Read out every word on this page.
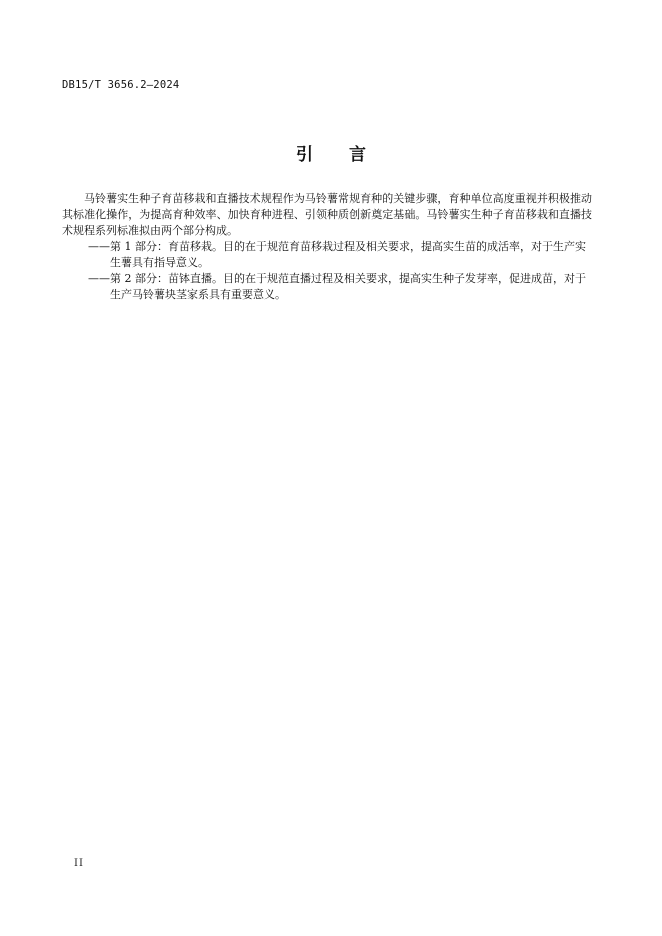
DB15/T 3656.2—2024
引 言

马铃薯实生种子育苗移栽和直播技术规程作为马铃薯常规育种的关键步骤，育种单位高度重视并积极推动其标准化操作，为提高育种效率、加快育种进程、引领种质创新奠定基础。马铃薯实生种子育苗移栽和直播技术规程系列标准拟由两个部分构成。

——第 1 部分：育苗移栽。目的在于规范育苗移栽过程及相关要求，提高实生苗的成活率，对于生产实生薯具有指导意义。

——第 2 部分：苗钵直播。目的在于规范直播过程及相关要求，提高实生种子发芽率，促进成苗，对于生产马铃薯块茎家系具有重要意义。

II
